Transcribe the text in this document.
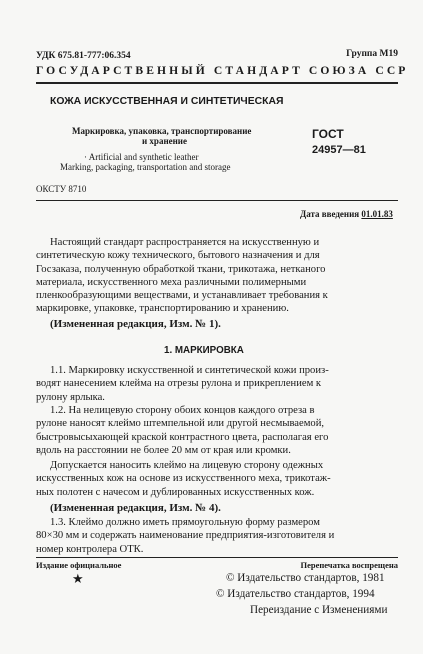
УДК 675.81-777:06.354	Группа М19
ГОСУДАРСТВЕННЫЙ СТАНДАРТ СОЮЗА ССР
КОЖА ИСКУССТВЕННАЯ И СИНТЕТИЧЕСКАЯ
Маркировка, упаковка, транспортирование
и хранение
· Artificial and synthetic leather
Marking, packaging, transportation and storage
ГОСТ
24957—81
ОКСТУ 8710
Дата введения 01.01.83
Настоящий стандарт распространяется на искусственную и
синтетическую кожу технического, бытового назначения и для
Госзаказа, полученную обработкой ткани, трикотажа, нетканого
материала, искусственного меха различными полимерными
пленкообразующими веществами, и устанавливает требования к
маркировке, упаковке, транспортированию и хранению.
(Измененная редакция, Изм. № 1).
1. МАРКИРОВКА
1.1. Маркировку искусственной и синтетической кожи произ-
водят нанесением клейма на отрезы рулона и прикреплением к
рулону ярлыка.
1.2. На нелицевую сторону обоих концов каждого отреза в
рулоне наносят клеймо штемпельной или другой несмываемой,
быстровысыхающей краской контрастного цвета, располагая его
вдоль на расстоянии не более 20 мм от края или кромки.
Допускается наносить клеймо на лицевую сторону одежных
искусственных кож на основе из искусственного меха, трикотаж-
ных полотен с начесом и дублированных искусственных кож.
(Измененная редакция, Изм. № 4).
1.3. Клеймо должно иметь прямоугольную форму размером
80×30 мм и содержать наименование предприятия-изготовителя и
номер контролера ОТК.
Издание официальное	Перепечатка воспрещена
★	© Издательство стандартов, 1981
© Издательство стандартов, 1994
Переиздание с Изменениями
